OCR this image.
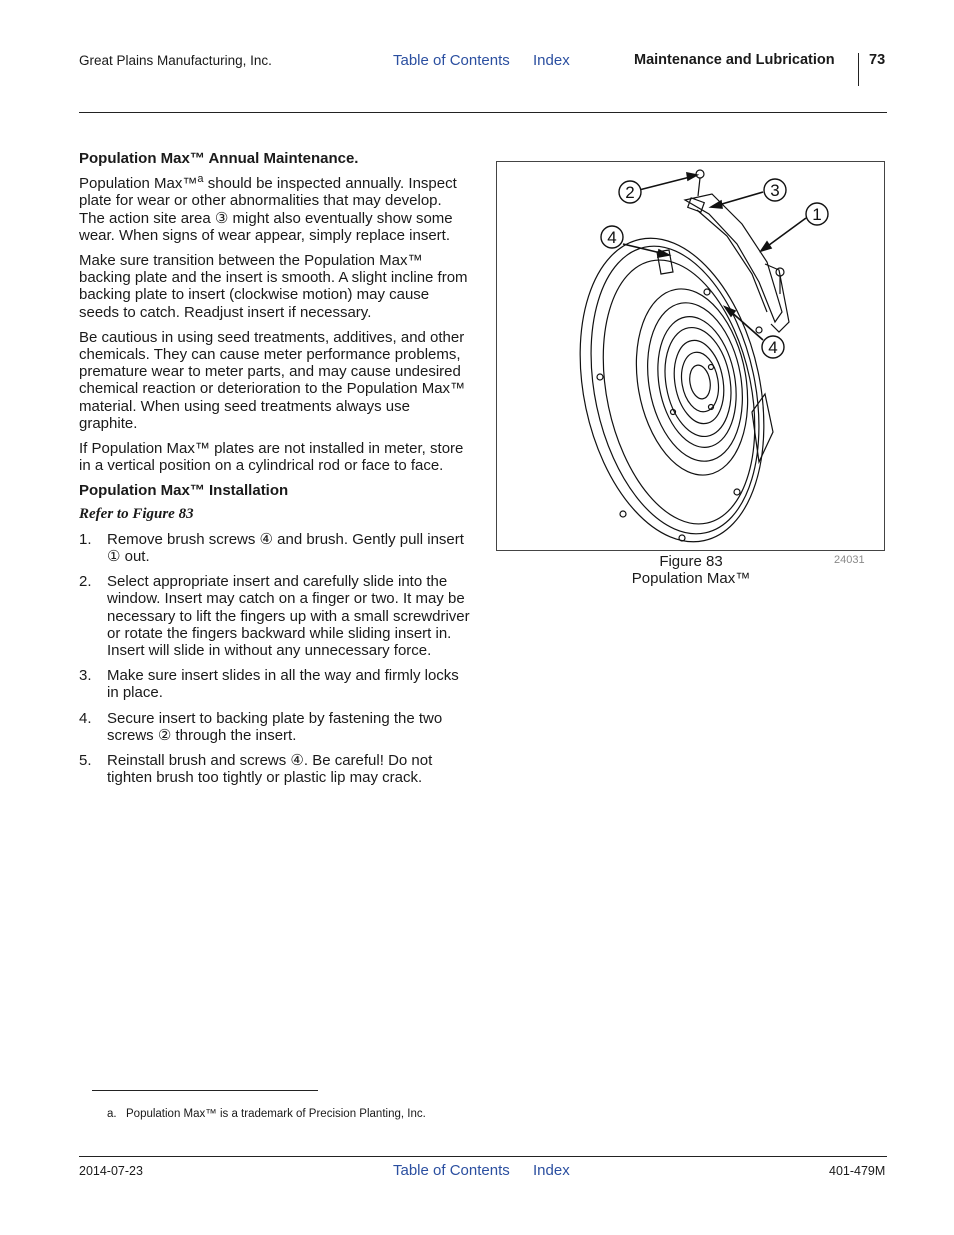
Great Plains Manufacturing, Inc.	Table of Contents Index	Maintenance and Lubrication 73

Population Max™ Annual Maintenance.

Population Max™$^a$ should be inspected annually. Inspect plate for wear or other abnormalities that may develop. The action site area ③ might also eventually show some wear. When signs of wear appear, simply replace insert.

Make sure transition between the Population Max™ backing plate and the insert is smooth. A slight incline from backing plate to insert (clockwise motion) may cause seeds to catch. Readjust insert if necessary.

Be cautious in using seed treatments, additives, and other chemicals. They can cause meter performance problems, premature wear to meter parts, and may cause undesired chemical reaction or deterioration to the Population Max™ material. When using seed treatments always use graphite.

If Population Max™ plates are not installed in meter, store in a vertical position on a cylindrical rod or face to face.

Population Max™ Installation

Refer to Figure 83

1. Remove brush screws ④ and brush. Gently pull insert ① out.
2. Select appropriate insert and carefully slide into the window. Insert may catch on a finger or two. It may be necessary to lift the fingers up with a small screwdriver or rotate the fingers backward while sliding insert in. Insert will slide in without any unnecessary force.
3. Make sure insert slides in all the way and firmly locks in place.
4. Secure insert to backing plate by fastening the two screws ② through the insert.
5. Reinstall brush and screws ④. Be careful! Do not tighten brush too tightly or plastic lip may crack.
2	3
1
4
4
Figure 83
Population Max™
24031
a. Population Max™ is a trademark of Precision Planting, Inc.
2014-07-23	Table of Contents Index	401-479M
